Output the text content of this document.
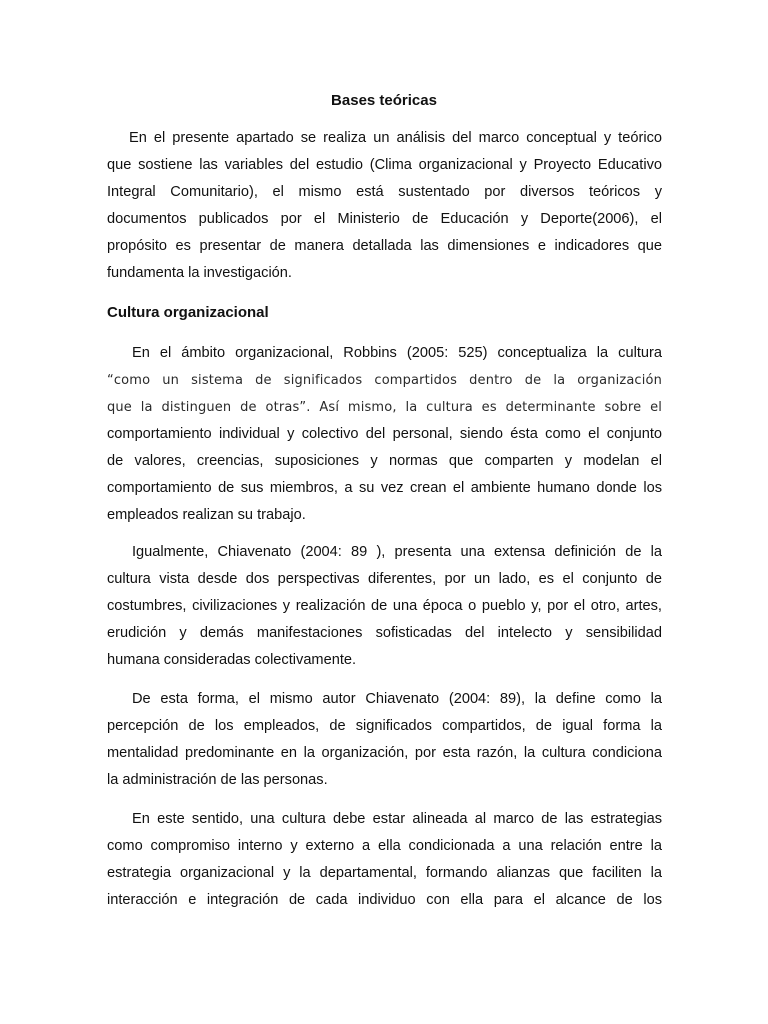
Bases teóricas
En el presente apartado se realiza un análisis del marco conceptual y teórico
que sostiene las variables del estudio (Clima organizacional y Proyecto Educativo
Integral Comunitario), el mismo está sustentado por diversos teóricos y
documentos publicados por el Ministerio de Educación y Deporte(2006), el
propósito es presentar de manera detallada las dimensiones e indicadores que
fundamenta la investigación.
Cultura organizacional
En el ámbito organizacional, Robbins (2005: 525) conceptualiza la cultura
“como un sistema de significados compartidos dentro de la organización
que la distinguen de otras”. Así mismo, la cultura es determinante sobre el
comportamiento individual y colectivo del personal, siendo ésta como el conjunto
de valores, creencias, suposiciones y normas que comparten y modelan el
comportamiento de sus miembros, a su vez crean el ambiente humano donde los
empleados realizan su trabajo.
Igualmente, Chiavenato (2004: 89 ), presenta una extensa definición de la
cultura vista desde dos perspectivas diferentes, por un lado, es el conjunto de
costumbres, civilizaciones y realización de una época o pueblo y, por el otro, artes,
erudición y demás manifestaciones sofisticadas del intelecto y sensibilidad
humana consideradas colectivamente.
De esta forma, el mismo autor Chiavenato (2004: 89), la define como la
percepción de los empleados, de significados compartidos, de igual forma la
mentalidad predominante en la organización, por esta razón, la cultura condiciona
la administración de las personas.
En este sentido, una cultura debe estar alineada al marco de las estrategias
como compromiso interno y externo a ella condicionada a una relación entre la
estrategia organizacional y la departamental, formando alianzas que faciliten la
interacción e integración de cada individuo con ella para el alcance de los
